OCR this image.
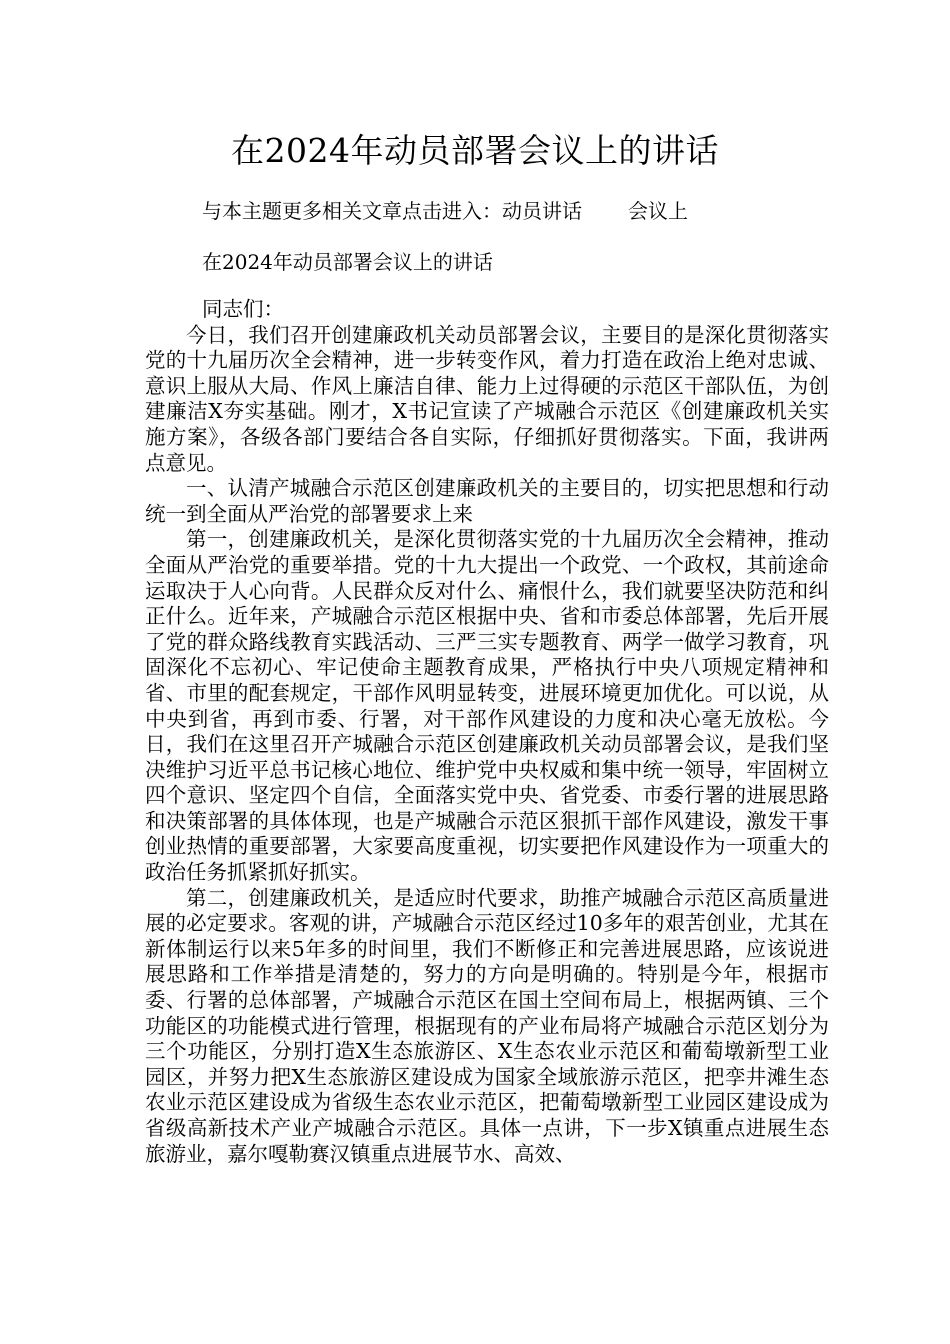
在2024年动员部署会议上的讲话
与本主题更多相关文章点击进入：动员讲话 会议上
在2024年动员部署会议上的讲话

同志们：

今日，我们召开创建廉政机关动员部署会议，主要目的是深化贯彻落实党的十九届历次全会精神，进一步转变作风，着力打造在政治上绝对忠诚、意识上服从大局、作风上廉洁自律、能力上过得硬的示范区干部队伍，为创建廉洁X夯实基础。刚才，X书记宣读了产城融合示范区《创建廉政机关实施方案》，各级各部门要结合各自实际，仔细抓好贯彻落实。下面，我讲两点意见。

一、认清产城融合示范区创建廉政机关的主要目的，切实把思想和行动统一到全面从严治党的部署要求上来

第一，创建廉政机关，是深化贯彻落实党的十九届历次全会精神，推动全面从严治党的重要举措。党的十九大提出一个政党、一个政权，其前途命运取决于人心向背。人民群众反对什么、痛恨什么，我们就要坚决防范和纠正什么。近年来，产城融合示范区根据中央、省和市委总体部署，先后开展了党的群众路线教育实践活动、三严三实专题教育、两学一做学习教育，巩固深化不忘初心、牢记使命主题教育成果，严格执行中央八项规定精神和省、市里的配套规定，干部作风明显转变，进展环境更加优化。可以说，从中央到省，再到市委、行署，对干部作风建设的力度和决心毫无放松。今日，我们在这里召开产城融合示范区创建廉政机关动员部署会议，是我们坚决维护习近平总书记核心地位、维护党中央权威和集中统一领导，牢固树立四个意识、坚定四个自信，全面落实党中央、省党委、市委行署的进展思路和决策部署的具体体现，也是产城融合示范区狠抓干部作风建设，激发干事创业热情的重要部署，大家要高度重视，切实要把作风建设作为一项重大的政治任务抓紧抓好抓实。

第二，创建廉政机关，是适应时代要求，助推产城融合示范区高质量进展的必定要求。客观的讲，产城融合示范区经过10多年的艰苦创业，尤其在新体制运行以来5年多的时间里，我们不断修正和完善进展思路，应该说进展思路和工作举措是清楚的，努力的方向是明确的。特别是今年，根据市委、行署的总体部署，产城融合示范区在国土空间布局上，根据两镇、三个功能区的功能模式进行管理，根据现有的产业布局将产城融合示范区划分为三个功能区，分别打造X生态旅游区、X生态农业示范区和葡萄墩新型工业园区，并努力把X生态旅游区建设成为国家全域旅游示范区，把孪井滩生态农业示范区建设成为省级生态农业示范区，把葡萄墩新型工业园区建设成为省级高新技术产业产城融合示范区。具体一点讲，下一步X镇重点进展生态旅游业，嘉尔嘎勒赛汉镇重点进展节水、高效、
